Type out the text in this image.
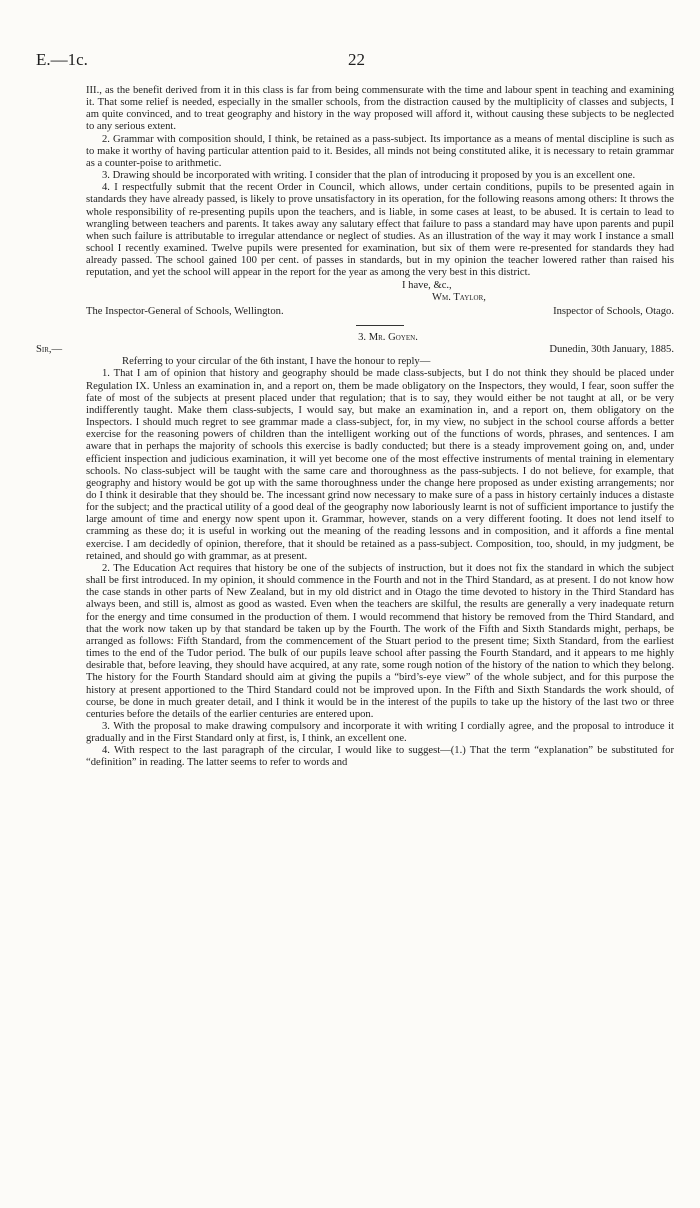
E.—1c.	22

III., as the benefit derived from it in this class is far from being commensurate with the time and labour spent in teaching and examining it. That some relief is needed, especially in the smaller schools, from the distraction caused by the multiplicity of classes and subjects, I am quite convinced, and to treat geography and history in the way proposed will afford it, without causing these subjects to be neglected to any serious extent.

2. Grammar with composition should, I think, be retained as a pass-subject. Its importance as a means of mental discipline is such as to make it worthy of having particular attention paid to it. Besides, all minds not being constituted alike, it is necessary to retain grammar as a counter-poise to arithmetic.

3. Drawing should be incorporated with writing. I consider that the plan of introducing it proposed by you is an excellent one.

4. I respectfully submit that the recent Order in Council, which allows, under certain conditions, pupils to be presented again in standards they have already passed, is likely to prove unsatisfactory in its operation, for the following reasons among others: It throws the whole responsibility of re-presenting pupils upon the teachers, and is liable, in some cases at least, to be abused. It is certain to lead to wrangling between teachers and parents. It takes away any salutary effect that failure to pass a standard may have upon parents and pupil when such failure is attributable to irregular attendance or neglect of studies. As an illustration of the way it may work I instance a small school I recently examined. Twelve pupils were presented for examination, but six of them were re-presented for standards they had already passed. The school gained 100 per cent. of passes in standards, but in my opinion the teacher lowered rather than raised his reputation, and yet the school will appear in the report for the year as among the very best in this district.

I have, &c.,

Wm. Taylor,

The Inspector-General of Schools, Wellington.	Inspector of Schools, Otago.

3. Mr. Goyen.

Sir,—	Dunedin, 30th January, 1885.

Referring to your circular of the 6th instant, I have the honour to reply—

1. That I am of opinion that history and geography should be made class-subjects, but I do not think they should be placed under Regulation IX. Unless an examination in, and a report on, them be made obligatory on the Inspectors, they would, I fear, soon suffer the fate of most of the subjects at present placed under that regulation; that is to say, they would either be not taught at all, or be very indifferently taught. Make them class-subjects, I would say, but make an examination in, and a report on, them obligatory on the Inspectors. I should much regret to see grammar made a class-subject, for, in my view, no subject in the school course affords a better exercise for the reasoning powers of children than the intelligent working out of the functions of words, phrases, and sentences. I am aware that in perhaps the majority of schools this exercise is badly conducted; but there is a steady improvement going on, and, under efficient inspection and judicious examination, it will yet become one of the most effective instruments of mental training in elementary schools. No class-subject will be taught with the same care and thoroughness as the pass-subjects. I do not believe, for example, that geography and history would be got up with the same thoroughness under the change here proposed as under existing arrangements; nor do I think it desirable that they should be. The incessant grind now necessary to make sure of a pass in history certainly induces a distaste for the subject; and the practical utility of a good deal of the geography now laboriously learnt is not of sufficient importance to justify the large amount of time and energy now spent upon it. Grammar, however, stands on a very different footing. It does not lend itself to cramming as these do; it is useful in working out the meaning of the reading lessons and in composition, and it affords a fine mental exercise. I am decidedly of opinion, therefore, that it should be retained as a pass-subject. Composition, too, should, in my judgment, be retained, and should go with grammar, as at present.

2. The Education Act requires that history be one of the subjects of instruction, but it does not fix the standard in which the subject shall be first introduced. In my opinion, it should commence in the Fourth and not in the Third Standard, as at present. I do not know how the case stands in other parts of New Zealand, but in my old district and in Otago the time devoted to history in the Third Standard has always been, and still is, almost as good as wasted. Even when the teachers are skilful, the results are generally a very inadequate return for the energy and time consumed in the production of them. I would recommend that history be removed from the Third Standard, and that the work now taken up by that standard be taken up by the Fourth. The work of the Fifth and Sixth Standards might, perhaps, be arranged as follows: Fifth Standard, from the commencement of the Stuart period to the present time; Sixth Standard, from the earliest times to the end of the Tudor period. The bulk of our pupils leave school after passing the Fourth Standard, and it appears to me highly desirable that, before leaving, they should have acquired, at any rate, some rough notion of the history of the nation to which they belong. The history for the Fourth Standard should aim at giving the pupils a “bird’s-eye view” of the whole subject, and for this purpose the history at present apportioned to the Third Standard could not be improved upon. In the Fifth and Sixth Standards the work should, of course, be done in much greater detail, and I think it would be in the interest of the pupils to take up the history of the last two or three centuries before the details of the earlier centuries are entered upon.

3. With the proposal to make drawing compulsory and incorporate it with writing I cordially agree, and the proposal to introduce it gradually and in the First Standard only at first, is, I think, an excellent one.

4. With respect to the last paragraph of the circular, I would like to suggest—(1.) That the term “explanation” be substituted for “definition” in reading. The latter seems to refer to words and
